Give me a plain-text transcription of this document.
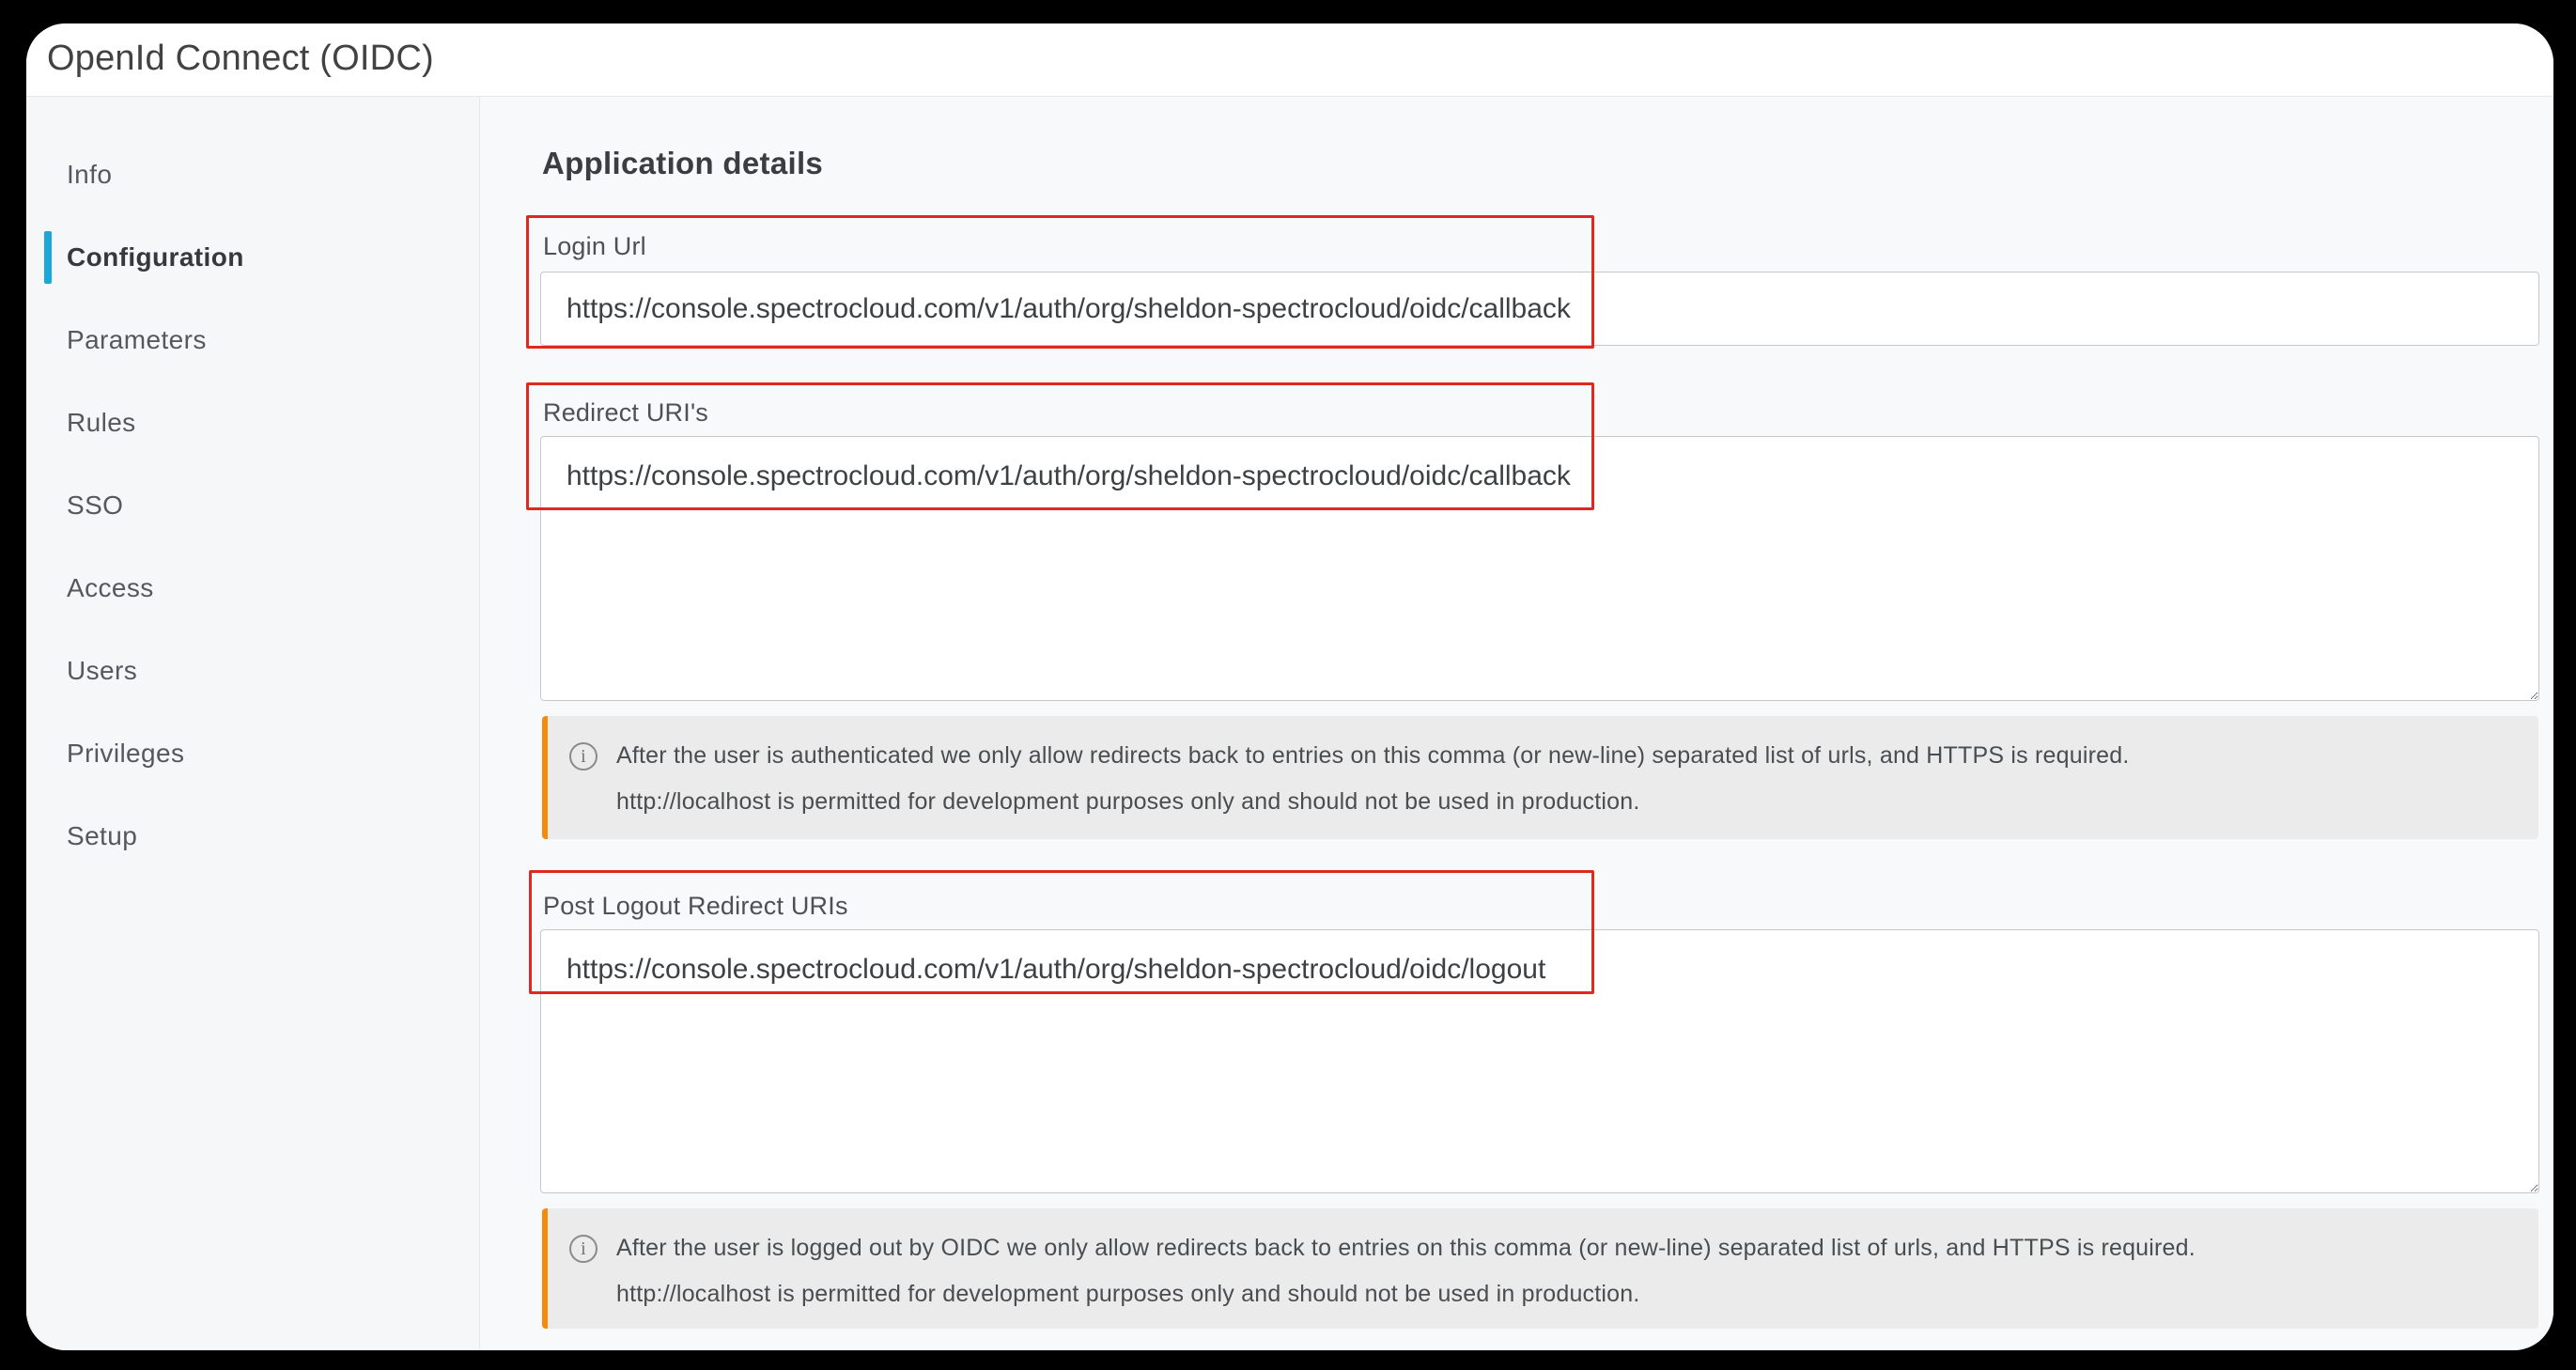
OpenId Connect (OIDC)
Info
Configuration
Parameters
Rules
SSO
Access
Users
Privileges
Setup
Application details
Login Url
https://console.spectrocloud.com/v1/auth/org/sheldon-spectrocloud/oidc/callback
Redirect URI's
https://console.spectrocloud.com/v1/auth/org/sheldon-spectrocloud/oidc/callback
i	After the user is authenticated we only allow redirects back to entries on this comma (or new-line) separated list of urls, and HTTPS is required.

http://localhost is permitted for development purposes only and should not be used in production.

Post Logout Redirect URIs
https://console.spectrocloud.com/v1/auth/org/sheldon-spectrocloud/oidc/logout
i	After the user is logged out by OIDC we only allow redirects back to entries on this comma (or new-line) separated list of urls, and HTTPS is required.

http://localhost is permitted for development purposes only and should not be used in production.
